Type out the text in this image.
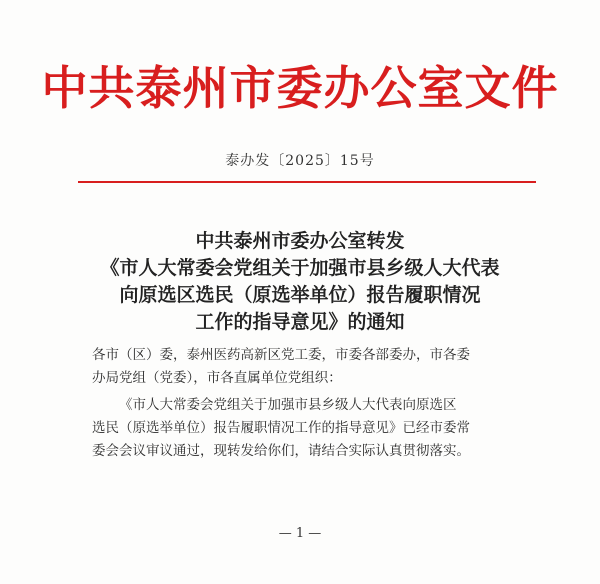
中共泰州市委办公室文件
泰办发〔2025〕15号
中共泰州市委办公室转发
《市人大常委会党组关于加强市县乡级人大代表
向原选区选民（原选举单位）报告履职情况
工作的指导意见》的通知

各市（区）委，泰州医药高新区党工委，市委各部委办，市各委

办局党组（党委），市各直属单位党组织：

《市人大常委会党组关于加强市县乡级人大代表向原选区

选民（原选举单位）报告履职情况工作的指导意见》已经市委常

委会会议审议通过，现转发给你们，请结合实际认真贯彻落实。

— 1 —
